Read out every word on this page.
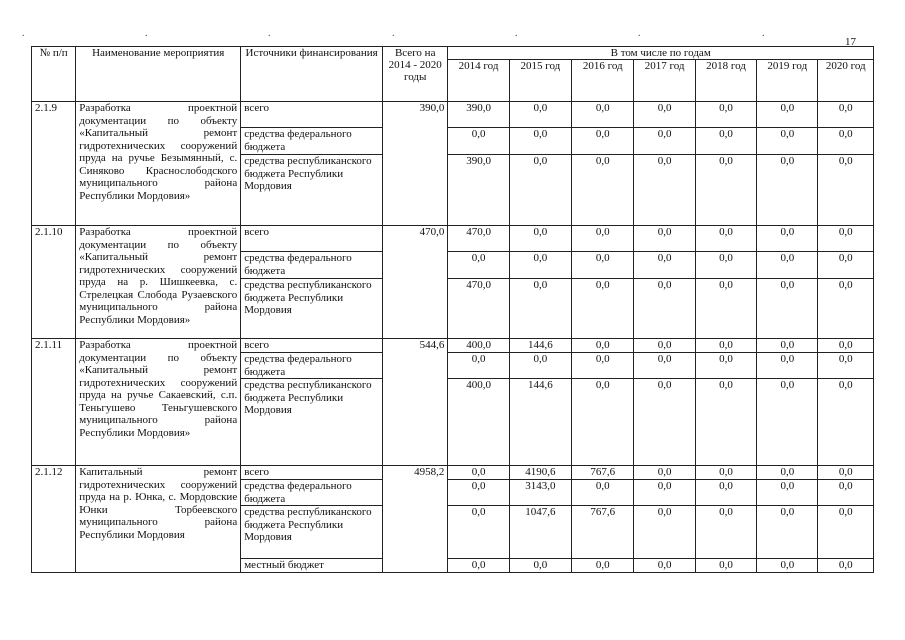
.	.	.	.	.	.	.
17
№ п/п	Наименование мероприятия	Источники финансирования	Всего на 2014 - 2020 годы	В том числе по годам						
				2014 год	2015 год	2016 год	2017 год	2018 год	2019 год	2020 год
2.1.9	Разработка проектной документации по объекту «Капитальный ремонт гидротехнических сооружений пруда на ручье Безымянный, с. Синяково Краснослободского муниципального района Республики Мордовия»	всего	390,0	390,0	0,0	0,0	0,0	0,0	0,0	0,0
		средства федерального бюджета		0,0	0,0	0,0	0,0	0,0	0,0	0,0
		средства республиканского бюджета Республики Мордовия		390,0	0,0	0,0	0,0	0,0	0,0	0,0
2.1.10	Разработка проектной документации по объекту «Капитальный ремонт гидротехнических сооружений пруда на р. Шишкеевка, с. Стрелецкая Слобода Рузаевского муниципального района Республики Мордовия»	всего	470,0	470,0	0,0	0,0	0,0	0,0	0,0	0,0
		средства федерального бюджета		0,0	0,0	0,0	0,0	0,0	0,0	0,0
		средства республиканского бюджета Республики Мордовия		470,0	0,0	0,0	0,0	0,0	0,0	0,0
2.1.11	Разработка проектной документации по объекту «Капитальный ремонт гидротехнических сооружений пруда на ручье Сакаевский, с.п. Теньгушево Теньгушевского муниципального района Республики Мордовия»	всего	544,6	400,0	144,6	0,0	0,0	0,0	0,0	0,0
		средства федерального бюджета		0,0	0,0	0,0	0,0	0,0	0,0	0,0
		средства республиканского бюджета Республики Мордовия		400,0	144,6	0,0	0,0	0,0	0,0	0,0
2.1.12	Капитальный ремонт гидротехнических сооружений пруда на р. Юнка, с. Мордовские Юнки Торбеевского муниципального района Республики Мордовия	всего	4958,2	0,0	4190,6	767,6	0,0	0,0	0,0	0,0
		средства федерального бюджета		0,0	3143,0	0,0	0,0	0,0	0,0	0,0
		средства республиканского бюджета Республики Мордовия		0,0	1047,6	767,6	0,0	0,0	0,0	0,0
		местный бюджет		0,0	0,0	0,0	0,0	0,0	0,0	0,0
